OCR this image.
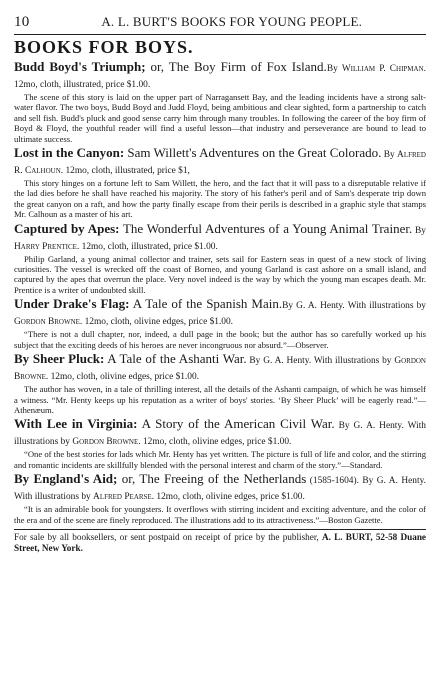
10	A. L. BURT'S BOOKS FOR YOUNG PEOPLE.
BOOKS FOR BOYS.
Budd Boyd's Triumph; or, The Boy Firm of Fox Island.By William P. Chipman. 12mo, cloth, illustrated, price $1.00.

The scene of this story is laid on the upper part of Narragansett Bay, and the leading incidents have a strong salt-water flavor. The two boys, Budd Boyd and Judd Floyd, being ambitious and clear sighted, form a partnership to catch and sell fish. Budd's pluck and good sense carry him through many troubles. In following the career of the boy firm of Boyd & Floyd, the youthful reader will find a useful lesson—that industry and perseverance are bound to lead to ultimate success.

Lost in the Canyon: Sam Willett's Adventures on the Great Colorado. By Alfred R. Calhoun. 12mo, cloth, illustrated, price $1,

This story hinges on a fortune left to Sam Willett, the hero, and the fact that it will pass to a disreputable relative if the lad dies before he shall have reached his majority. The story of his father's peril and of Sam's desperate trip down the great canyon on a raft, and how the party finally escape from their perils is described in a graphic style that stamps Mr. Calhoun as a master of his art.

Captured by Apes: The Wonderful Adventures of a Young Animal Trainer. By Harry Prentice. 12mo, cloth, illustrated, price $1.00.

Philip Garland, a young animal collector and trainer, sets sail for Eastern seas in quest of a new stock of living curiosities. The vessel is wrecked off the coast of Borneo, and young Garland is cast ashore on a small island, and captured by the apes that overrun the place. Very novel indeed is the way by which the young man escapes death. Mr. Prentice is a writer of undoubted skill.

Under Drake's Flag: A Tale of the Spanish Main.By G. A. Henty. With illustrations by Gordon Browne. 12mo, cloth, olivine edges, price $1.00.

“There is not a dull chapter, nor, indeed, a dull page in the book; but the author has so carefully worked up his subject that the exciting deeds of his heroes are never incongruous nor absurd.”—Observer.

By Sheer Pluck: A Tale of the Ashanti War. By G. A. Henty. With illustrations by Gordon Browne. 12mo, cloth, olivine edges, price $1.00.

The author has woven, in a tale of thrilling interest, all the details of the Ashanti campaign, of which he was himself a witness. “Mr. Henty keeps up his reputation as a writer of boys' stories. ‘By Sheer Pluck’ will be eagerly read.”—Athenæum.

With Lee in Virginia: A Story of the American Civil War. By G. A. Henty. With illustrations by Gordon Browne. 12mo, cloth, olivine edges, price $1.00.

“One of the best stories for lads which Mr. Henty has yet written. The picture is full of life and color, and the stirring and romantic incidents are skillfully blended with the personal interest and charm of the story.”—Standard.

By England's Aid; or, The Freeing of the Netherlands (1585-1604). By G. A. Henty. With illustrations by Alfred Pearse. 12mo, cloth, olivine edges, price $1.00.

“It is an admirable book for youngsters. It overflows with stirring incident and exciting adventure, and the color of the era and of the scene are finely reproduced. The illustrations add to its attractiveness.”—Boston Gazette.

For sale by all booksellers, or sent postpaid on receipt of price by the publisher, A. L. BURT, 52-58 Duane Street, New York.
